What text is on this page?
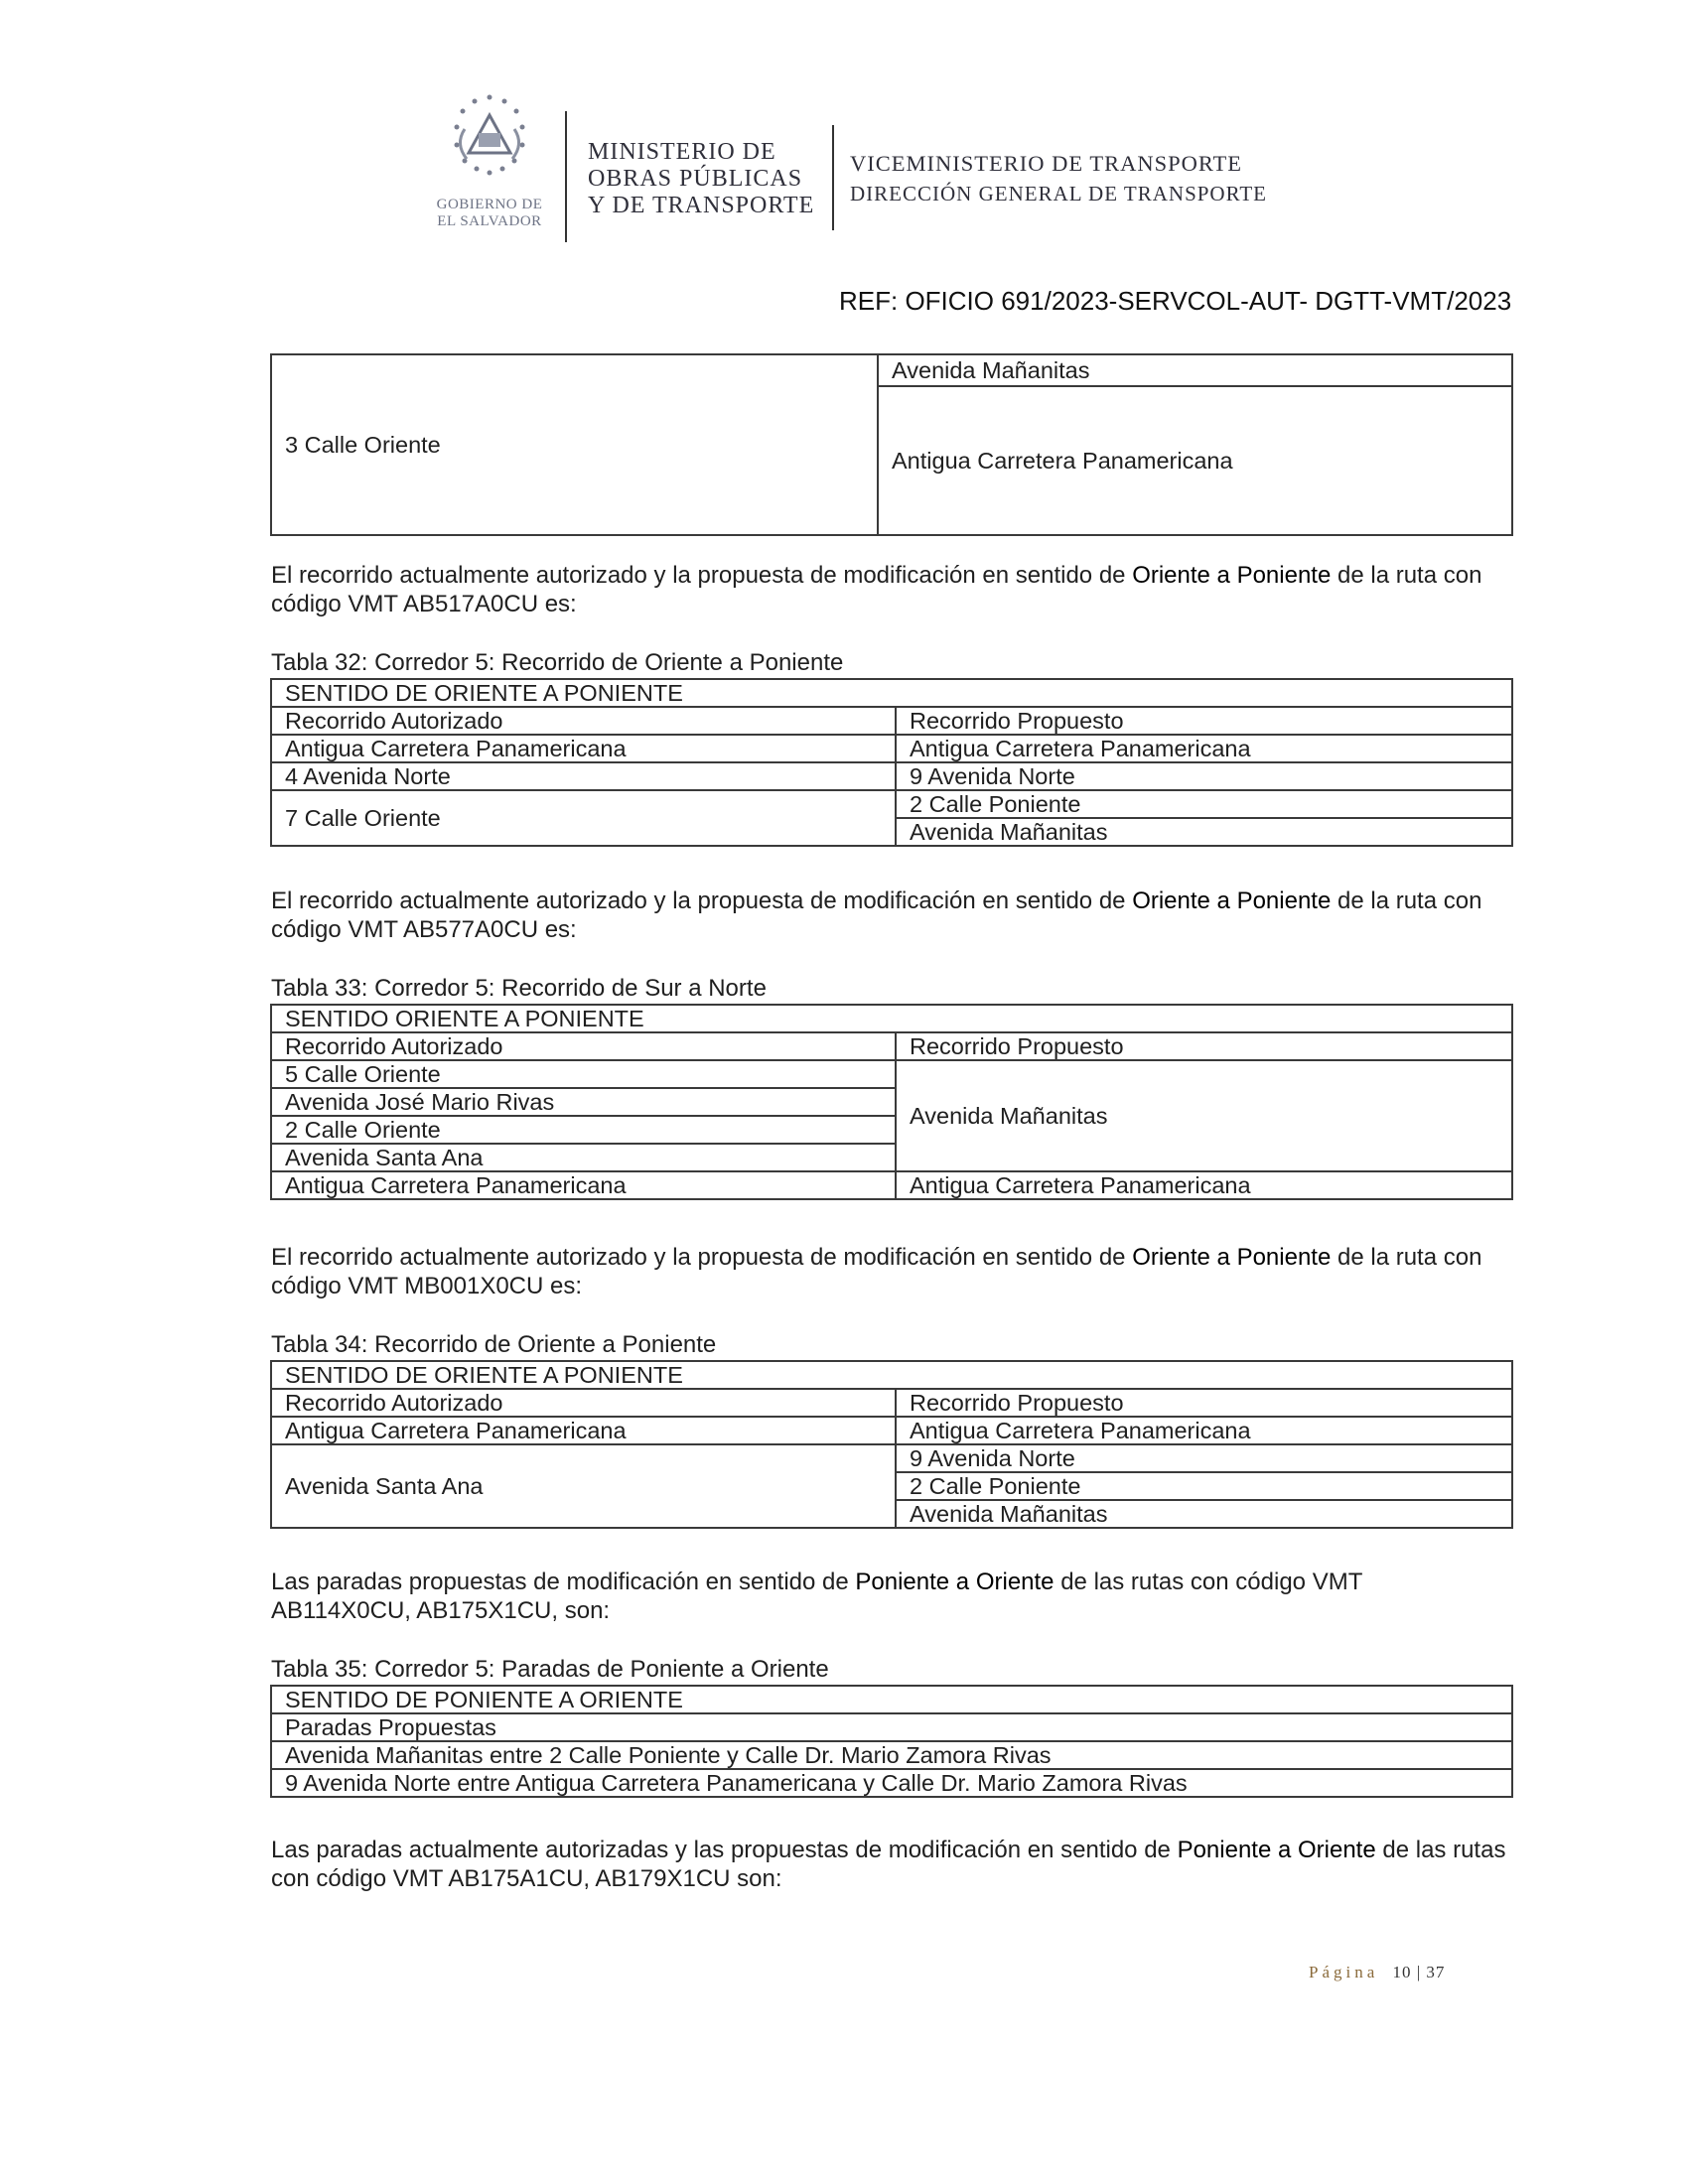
GOBIERNO DE
EL SALVADOR
MINISTERIO DE
OBRAS PÚBLICAS
Y DE TRANSPORTE
VICEMINISTERIO DE TRANSPORTE
DIRECCIÓN GENERAL DE TRANSPORTE
REF: OFICIO 691/2023-SERVCOL-AUT- DGTT-VMT/2023
3 Calle Oriente	Avenida Mañanitas
Antigua Carretera Panamericana

El recorrido actualmente autorizado y la propuesta de modificación en sentido de Oriente a Poniente de la ruta con código VMT AB517A0CU es:

Tabla 32: Corredor 5: Recorrido de Oriente a Poniente
SENTIDO DE ORIENTE A PONIENTE	
Recorrido Autorizado	Recorrido Propuesto
Antigua Carretera Panamericana	Antigua Carretera Panamericana
4 Avenida Norte	9 Avenida Norte
7 Calle Oriente	2 Calle Poniente
	Avenida Mañanitas

El recorrido actualmente autorizado y la propuesta de modificación en sentido de Oriente a Poniente de la ruta con código VMT AB577A0CU es:

Tabla 33: Corredor 5: Recorrido de Sur a Norte
SENTIDO ORIENTE A PONIENTE	
Recorrido Autorizado	Recorrido Propuesto
5 Calle Oriente	Avenida Mañanitas
Avenida José Mario Rivas	
2 Calle Oriente	
Avenida Santa Ana	
Antigua Carretera Panamericana	Antigua Carretera Panamericana

El recorrido actualmente autorizado y la propuesta de modificación en sentido de Oriente a Poniente de la ruta con código VMT MB001X0CU es:

Tabla 34: Recorrido de Oriente a Poniente
SENTIDO DE ORIENTE A PONIENTE	
Recorrido Autorizado	Recorrido Propuesto
Antigua Carretera Panamericana	Antigua Carretera Panamericana
Avenida Santa Ana	9 Avenida Norte
	2 Calle Poniente
	Avenida Mañanitas

Las paradas propuestas de modificación en sentido de Poniente a Oriente de las rutas con código VMT AB114X0CU, AB175X1CU, son:

Tabla 35: Corredor 5: Paradas de Poniente a Oriente
SENTIDO DE PONIENTE A ORIENTE
Paradas Propuestas
Avenida Mañanitas entre 2 Calle Poniente y Calle Dr. Mario Zamora Rivas
9 Avenida Norte entre Antigua Carretera Panamericana y Calle Dr. Mario Zamora Rivas

Las paradas actualmente autorizadas y las propuestas de modificación en sentido de Poniente a Oriente de las rutas con código VMT AB175A1CU, AB179X1CU son:

Página 10 | 37
